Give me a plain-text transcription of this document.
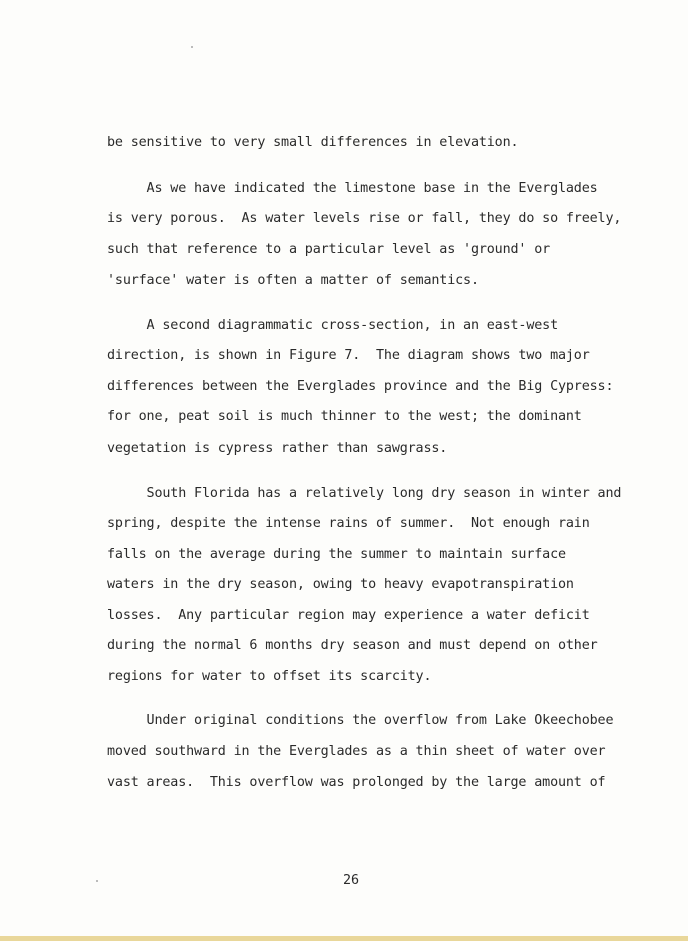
be sensitive to very small differences in elevation.
As we have indicated the limestone base in the Everglades
is very porous.  As water levels rise or fall, they do so freely,
such that reference to a particular level as 'ground' or
'surface' water is often a matter of semantics.
A second diagrammatic cross-section, in an east-west
direction, is shown in Figure 7.  The diagram shows two major
differences between the Everglades province and the Big Cypress:
for one, peat soil is much thinner to the west; the dominant
vegetation is cypress rather than sawgrass.
South Florida has a relatively long dry season in winter and
spring, despite the intense rains of summer.  Not enough rain
falls on the average during the summer to maintain surface
waters in the dry season, owing to heavy evapotranspiration
losses.  Any particular region may experience a water deficit
during the normal 6 months dry season and must depend on other
regions for water to offset its scarcity.
Under original conditions the overflow from Lake Okeechobee
moved southward in the Everglades as a thin sheet of water over
vast areas.  This overflow was prolonged by the large amount of
26
